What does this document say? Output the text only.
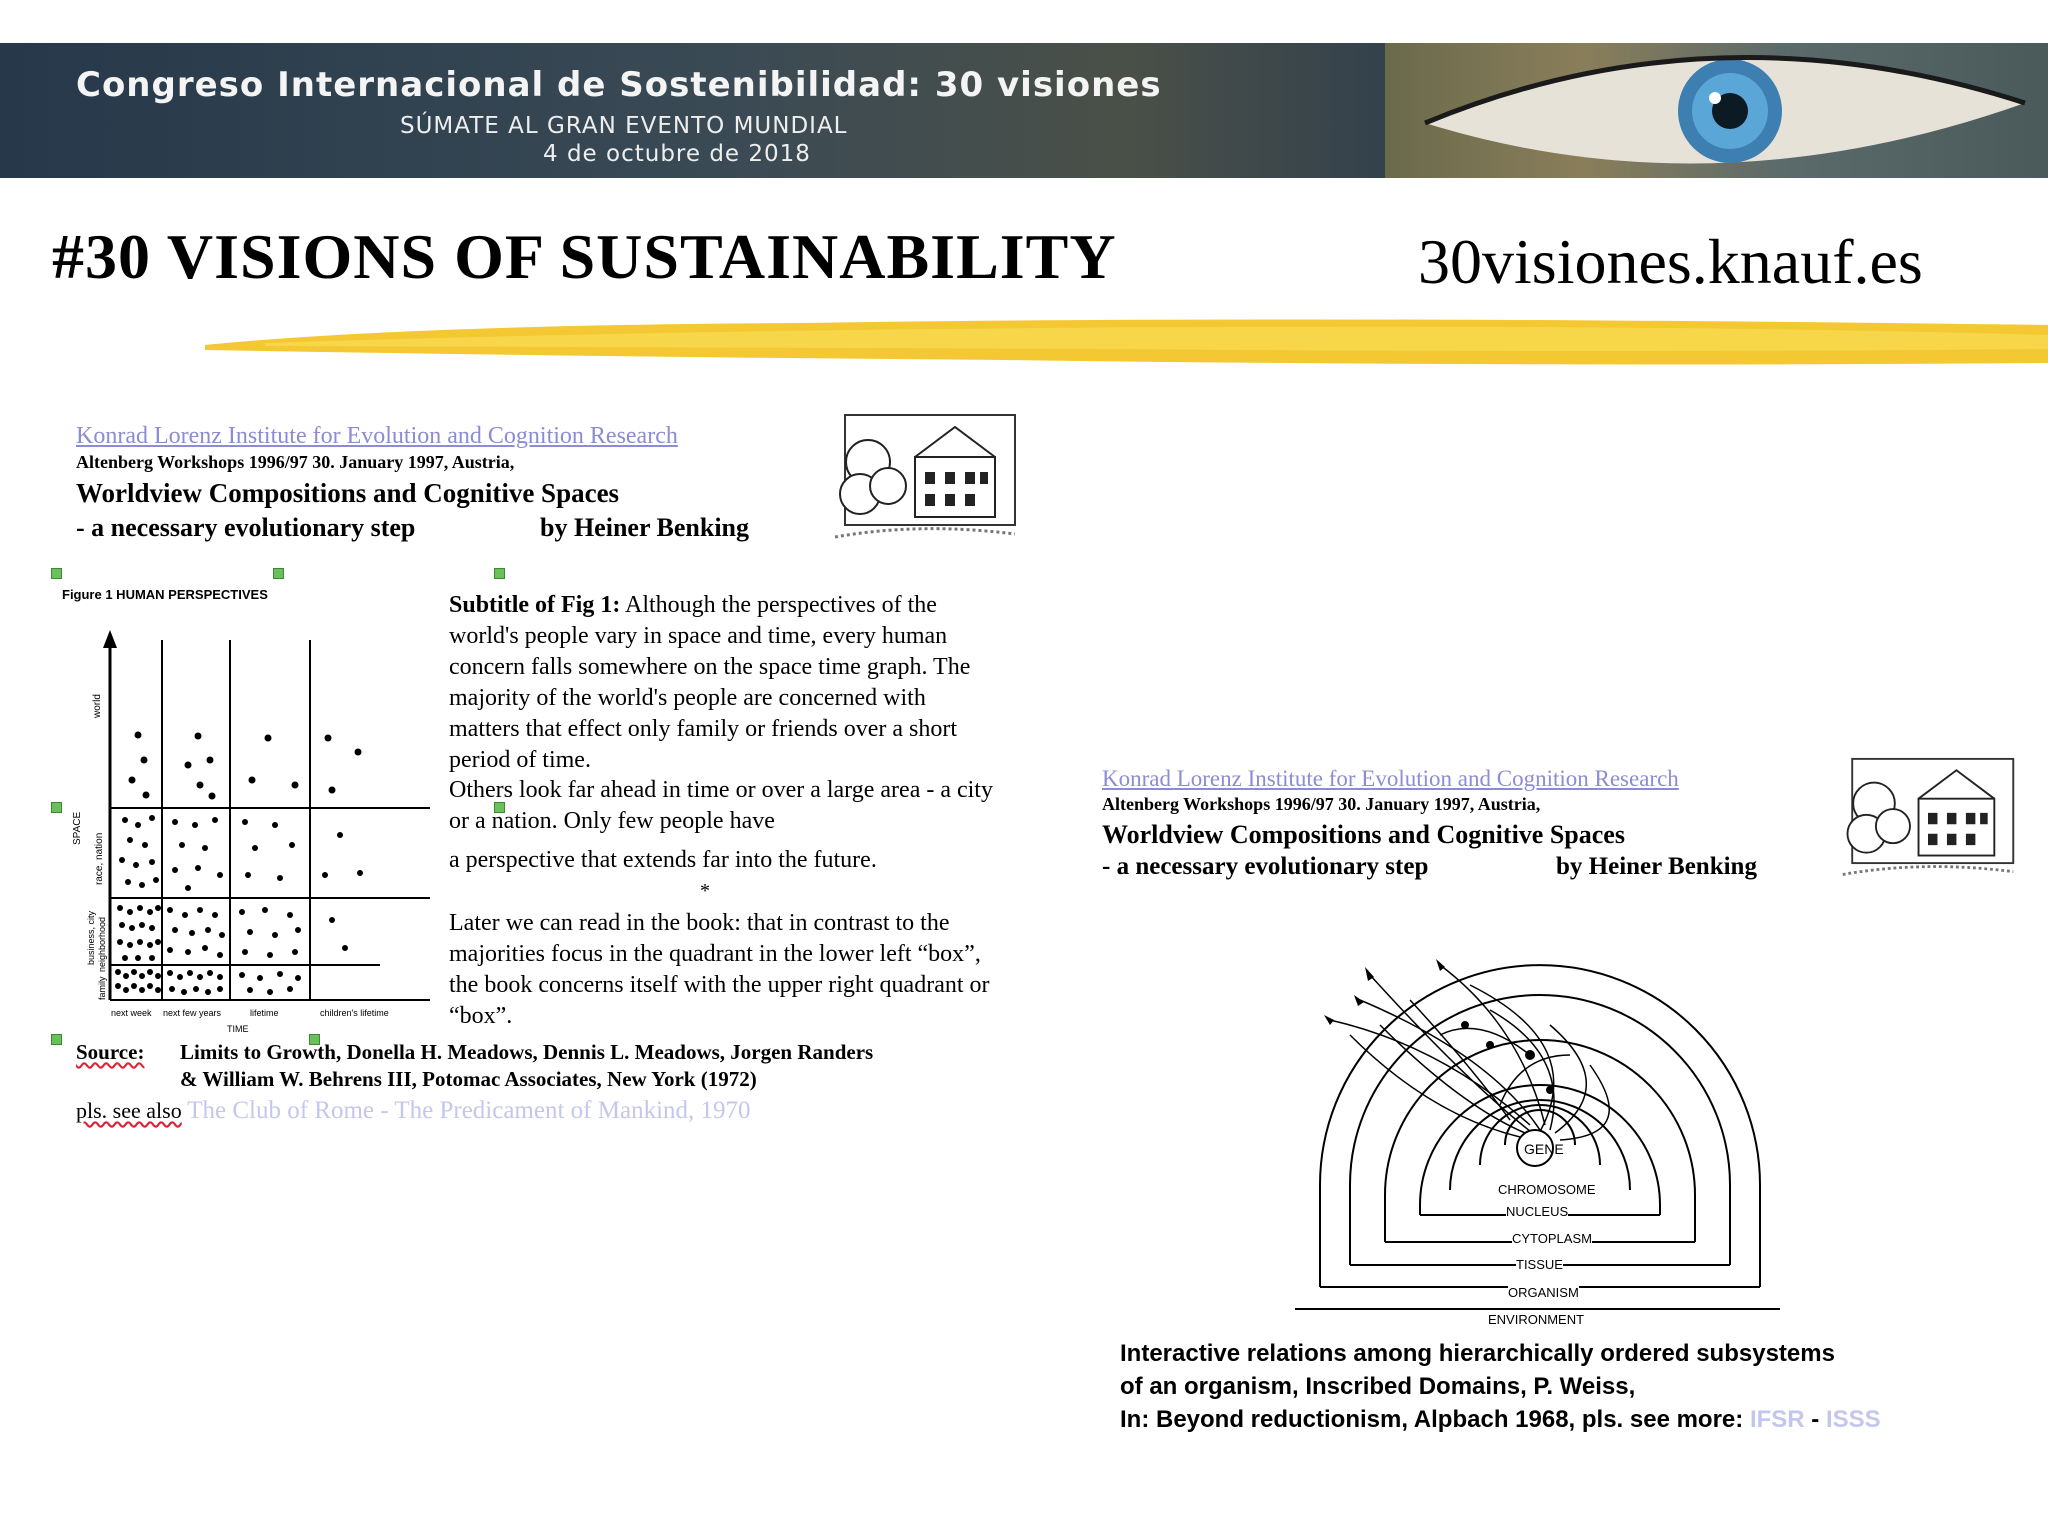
Congreso Internacional de Sostenibilidad: 30 visiones
SÚMATE AL GRAN EVENTO MUNDIAL
4 de octubre de 2018
#30 VISIONS OF SUSTAINABILITY	30visiones.knauf.es
Konrad Lorenz Institute for Evolution and Cognition Research
Altenberg Workshops 1996/97 30. January 1997, Austria,
Worldview Compositions and Cognitive Spaces
- a necessary evolutionary step	by Heiner Benking
Figure 1 HUMAN PERSPECTIVES
world
SPACE
race, nation
business, city neighborhood
family
next week next few years	lifetime	children's lifetime
TIME
Subtitle of Fig 1: Although the perspectives of the world's people vary in space and time, every human concern falls somewhere on the space time graph. The majority of the world's people are concerned with matters that effect only family or friends over a short period of time.
Others look far ahead in time or over a large area - a city or a nation. Only few people have
a perspective that extends far into the future.
*
Later we can read in the book: that in contrast to the majorities focus in the quadrant in the lower left “box”, the book concerns itself with the upper right quadrant or “box”.
Source: Limits to Growth, Donella H. Meadows, Dennis L. Meadows, Jorgen Randers
& William W. Behrens III, Potomac Associates, New York (1972)
pls. see also The Club of Rome - The Predicament of Mankind, 1970
Konrad Lorenz Institute for Evolution and Cognition Research
Altenberg Workshops 1996/97 30. January 1997, Austria,
Worldview Compositions and Cognitive Spaces
- a necessary evolutionary step	by Heiner Benking
GENE
CHROMOSOME
NUCLEUS
CYTOPLASM
TISSUE
ORGANISM
ENVIRONMENT
Interactive relations among hierarchically ordered subsystems
of an organism, Inscribed Domains, P. Weiss,
In: Beyond reductionism, Alpbach 1968, pls. see more: IFSR - ISSS
